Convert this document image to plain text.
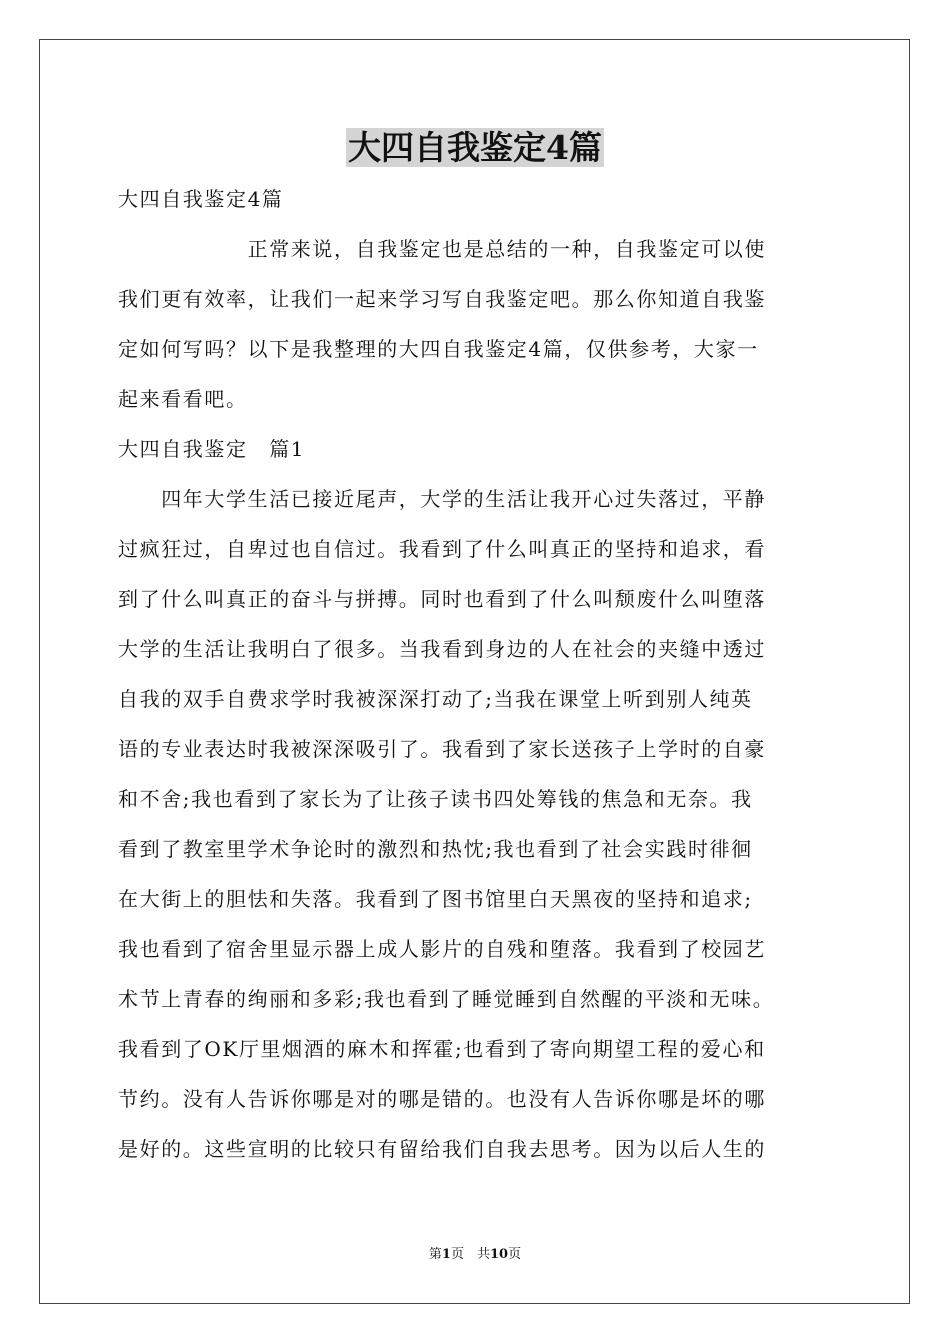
大四自我鉴定4篇

大四自我鉴定4篇

　　　　　　正常来说，自我鉴定也是总结的一种，自我鉴定可以使

我们更有效率，让我们一起来学习写自我鉴定吧。那么你知道自我鉴

定如何写吗？以下是我整理的大四自我鉴定4篇，仅供参考，大家一

起来看看吧。

大四自我鉴定　篇1

　　四年大学生活已接近尾声，大学的生活让我开心过失落过，平静

过疯狂过，自卑过也自信过。我看到了什么叫真正的坚持和追求，看

到了什么叫真正的奋斗与拼搏。同时也看到了什么叫颓废什么叫堕落

大学的生活让我明白了很多。当我看到身边的人在社会的夹缝中透过

自我的双手自费求学时我被深深打动了;当我在课堂上听到别人纯英

语的专业表达时我被深深吸引了。我看到了家长送孩子上学时的自豪

和不舍;我也看到了家长为了让孩子读书四处筹钱的焦急和无奈。我

看到了教室里学术争论时的激烈和热忱;我也看到了社会实践时徘徊

在大街上的胆怯和失落。我看到了图书馆里白天黑夜的坚持和追求;

我也看到了宿舍里显示器上成人影片的自残和堕落。我看到了校园艺

术节上青春的绚丽和多彩;我也看到了睡觉睡到自然醒的平淡和无味。

我看到了OK厅里烟酒的麻木和挥霍;也看到了寄向期望工程的爱心和

节约。没有人告诉你哪是对的哪是错的。也没有人告诉你哪是坏的哪

是好的。这些宣明的比较只有留给我们自我去思考。因为以后人生的

第1页　共10页
